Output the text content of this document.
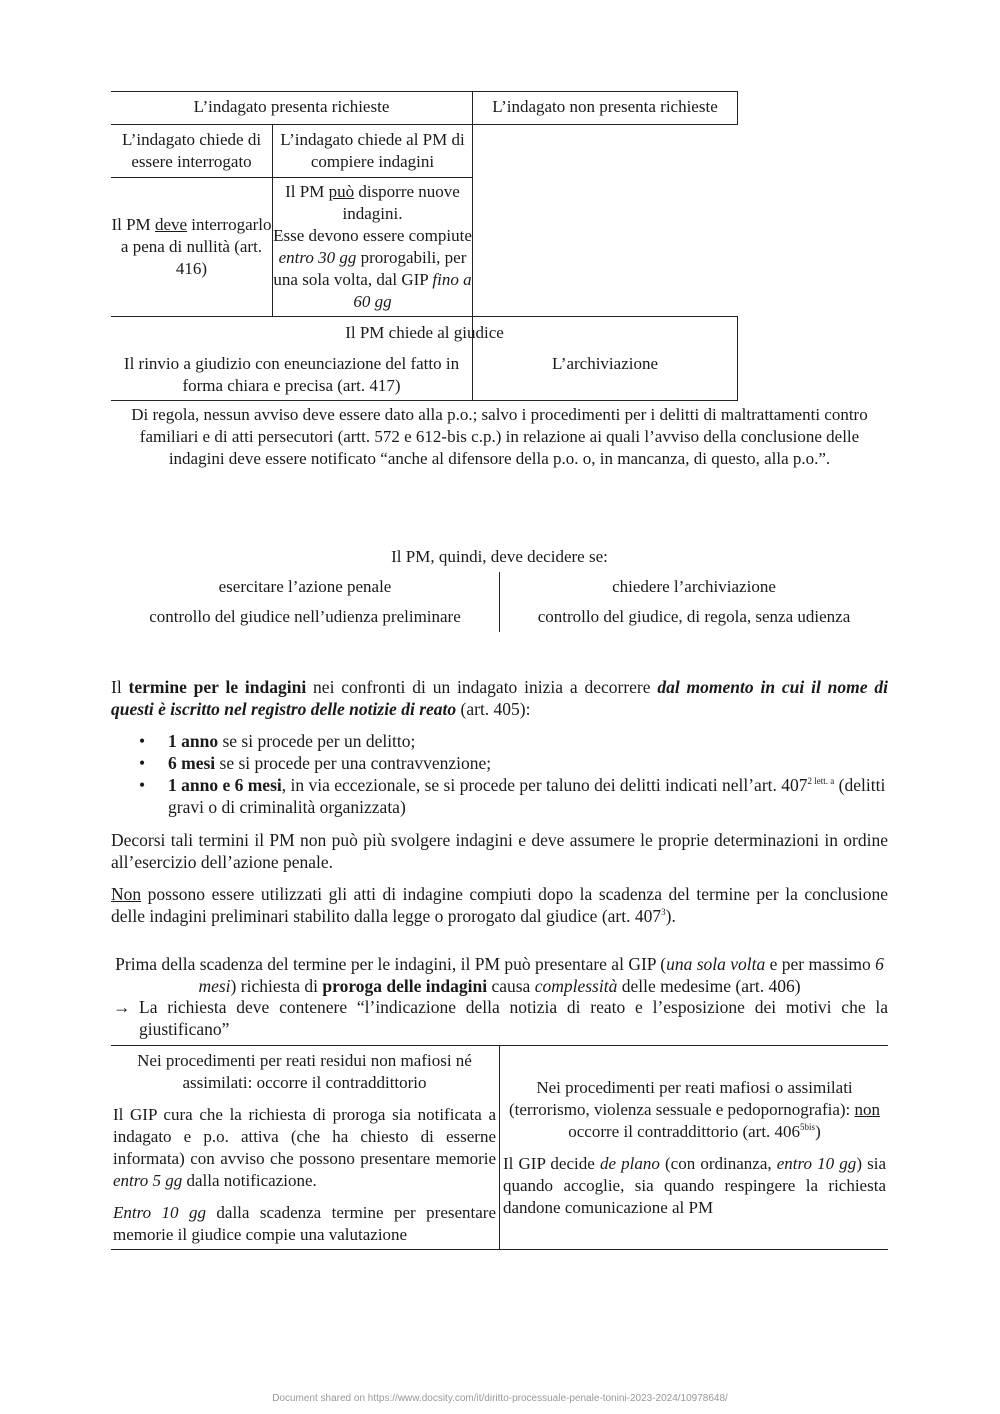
L’indagato presenta richieste	L’indagato non presenta richieste
L’indagato chiede di essere interrogato
L’indagato chiede al PM di compiere indagini
Il PM deve interrogarlo a pena di nullità (art. 416)
Il PM può disporre nuove indagini.
Esse devono essere compiute entro 30 gg prorogabili, per una sola volta, dal GIP fino a 60 gg
Il PM chiede al giudice
Il rinvio a giudizio con eneunciazione del fatto in forma chiara e precisa (art. 417)
L’archiviazione
Di regola, nessun avviso deve essere dato alla p.o.; salvo i procedimenti per i delitti di maltrattamenti contro familiari e di atti persecutori (artt. 572 e 612-bis c.p.) in relazione ai quali l’avviso della conclusione delle indagini deve essere notificato “anche al difensore della p.o. o, in mancanza, di questo, alla p.o.”.
Il PM, quindi, deve decidere se:
esercitare l’azione penale
controllo del giudice nell’udienza preliminare
chiedere l’archiviazione
controllo del giudice, di regola, senza udienza
Il termine per le indagini nei confronti di un indagato inizia a decorrere dal momento in cui il nome di questi è iscritto nel registro delle notizie di reato (art. 405):
• 1 anno se si procede per un delitto;
• 6 mesi se si procede per una contravvenzione;
• 1 anno e 6 mesi, in via eccezionale, se si procede per taluno dei delitti indicati nell’art. $407^{2 lett. a}$ (delitti gravi o di criminalità organizzata)
Decorsi tali termini il PM non può più svolgere indagini e deve assumere le proprie determinazioni in ordine all’esercizio dell’azione penale.
Non possono essere utilizzati gli atti di indagine compiuti dopo la scadenza del termine per la conclusione delle indagini preliminari stabilito dalla legge o prorogato dal giudice (art. $407^3$).
Prima della scadenza del termine per le indagini, il PM può presentare al GIP (una sola volta e per massimo 6 mesi) richiesta di proroga delle indagini causa complessità delle medesime (art. 406)
→ La richiesta deve contenere “l’indicazione della notizia di reato e l’esposizione dei motivi che la giustificano”
Nei procedimenti per reati residui non mafiosi né assimilati: occorre il contraddittorio
Il GIP cura che la richiesta di proroga sia notificata a indagato e p.o. attiva (che ha chiesto di esserne informata) con avviso che possono presentare memorie entro 5 gg dalla notificazione.
Entro 10 gg dalla scadenza termine per presentare memorie il giudice compie una valutazione
Nei procedimenti per reati mafiosi o assimilati (terrorismo, violenza sessuale e pedopornografia): non occorre il contraddittorio (art. $406^{5bis}$)
Il GIP decide de plano (con ordinanza, entro 10 gg) sia quando accoglie, sia quando respingere la richiesta dandone comunicazione al PM
Document shared on https://www.docsity.com/it/diritto-processuale-penale-tonini-2023-2024/10978648/
